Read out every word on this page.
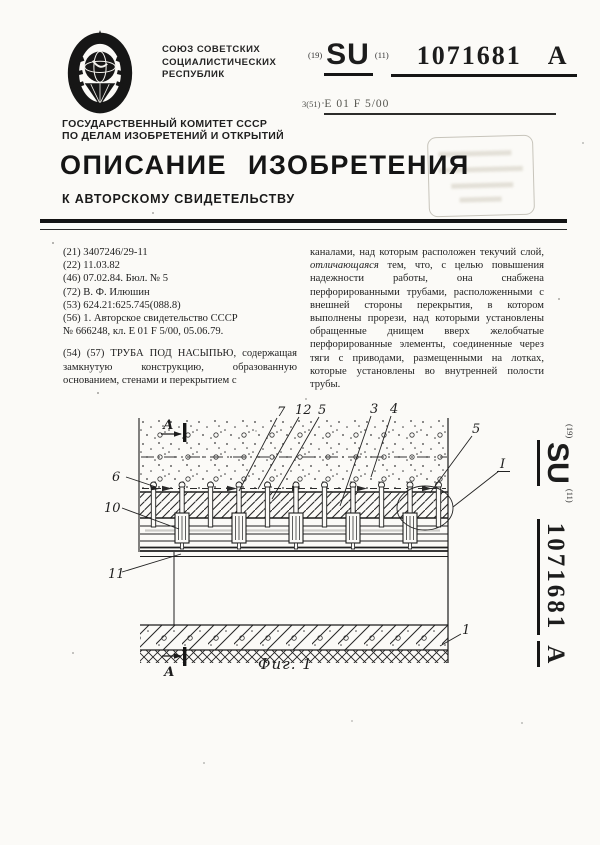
СОЮЗ СОВЕТСКИХ
СОЦИАЛИСТИЧЕСКИХ
РЕСПУБЛИК
ГОСУДАРСТВЕННЫЙ КОМИТЕТ СССР
ПО ДЕЛАМ ИЗОБРЕТЕНИЙ И ОТКРЫТИЙ
(19) SU (11) 1071681 A
3(51) E 01 F 5/00
ОПИСАНИЕ ИЗОБРЕТЕНИЯ
К АВТОРСКОМУ СВИДЕТЕЛЬСТВУ
(21) 3407246/29-11
(22) 11.03.82
(46) 07.02.84. Бюл. № 5
(72) В. Ф. Илюшин
(53) 624.21:625.745(088.8)
(56) 1. Авторское свидетельство СССР
№ 666248, кл. E 01 F 5/00, 05.06.79.
(54) (57) ТРУБА ПОД НАСЫПЬЮ, содержащая замкнутую конструкцию, образованную основанием, стенами и перекрытием с
каналами, над которым расположен текучий слой, отличающаяся тем, что, с целью повышения надежности работы, она снабжена перфорированными трубами, расположенными с внешней стороны перекрытия, в котором выполнены прорези, над которыми установлены обращенные днищем вверх желобчатые перфорированные элементы, соединенные через тяги с приводами, размещенными на лотках, которые установлены во внутренней полости трубы.
А
А
7 12 5	3 4
5
I
6
10
11
1
Фиг. 1
(19)
SU
(11)
1071681
A
